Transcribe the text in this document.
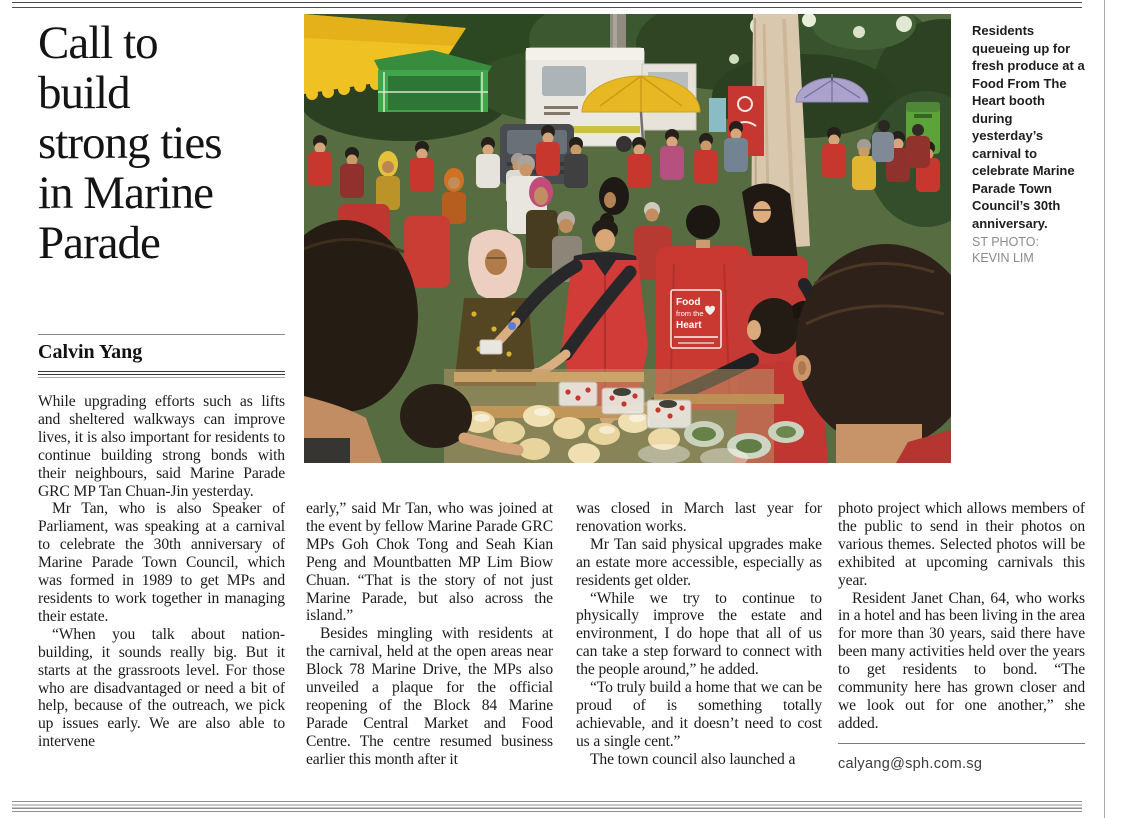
Call to
build
strong ties
in Marine
Parade
Calvin Yang

While upgrading efforts such as lifts and sheltered walkways can improve lives, it is also important for residents to continue building strong bonds with their neighbours, said Marine Parade GRC MP Tan Chuan-Jin yesterday.

Mr Tan, who is also Speaker of Parliament, was speaking at a carnival to celebrate the 30th anniversary of Marine Parade Town Council, which was formed in 1989 to get MPs and residents to work together in managing their estate.

“When you talk about nation-building, it sounds really big. But it starts at the grassroots level. For those who are disadvantaged or need a bit of help, because of the outreach, we pick up issues early. We are also able to intervene

Food
from the
Heart
Residents queueing up for fresh produce at a Food From The Heart booth during yesterday’s carnival to celebrate Marine Parade Town Council’s 30th anniversary.
ST PHOTO: KEVIN LIM

early,” said Mr Tan, who was joined at the event by fellow Marine Parade GRC MPs Goh Chok Tong and Seah Kian Peng and Mountbatten MP Lim Biow Chuan. “That is the story of not just Marine Parade, but also across the island.”

Besides mingling with residents at the carnival, held at the open areas near Block 78 Marine Drive, the MPs also unveiled a plaque for the official reopening of the Block 84 Marine Parade Central Market and Food Centre. The centre resumed business earlier this month after it

was closed in March last year for renovation works.

Mr Tan said physical upgrades make an estate more accessible, especially as residents get older.

“While we try to continue to physically improve the estate and environment, I do hope that all of us can take a step forward to connect with the people around,” he added.

“To truly build a home that we can be proud of is something totally achievable, and it doesn’t need to cost us a single cent.”

The town council also launched a

photo project which allows members of the public to send in their photos on various themes. Selected photos will be exhibited at upcoming carnivals this year.

Resident Janet Chan, 64, who works in a hotel and has been living in the area for more than 30 years, said there have been many activities held over the years to get residents to bond. “The community here has grown closer and we look out for one another,” she added.

calyang@sph.com.sg
